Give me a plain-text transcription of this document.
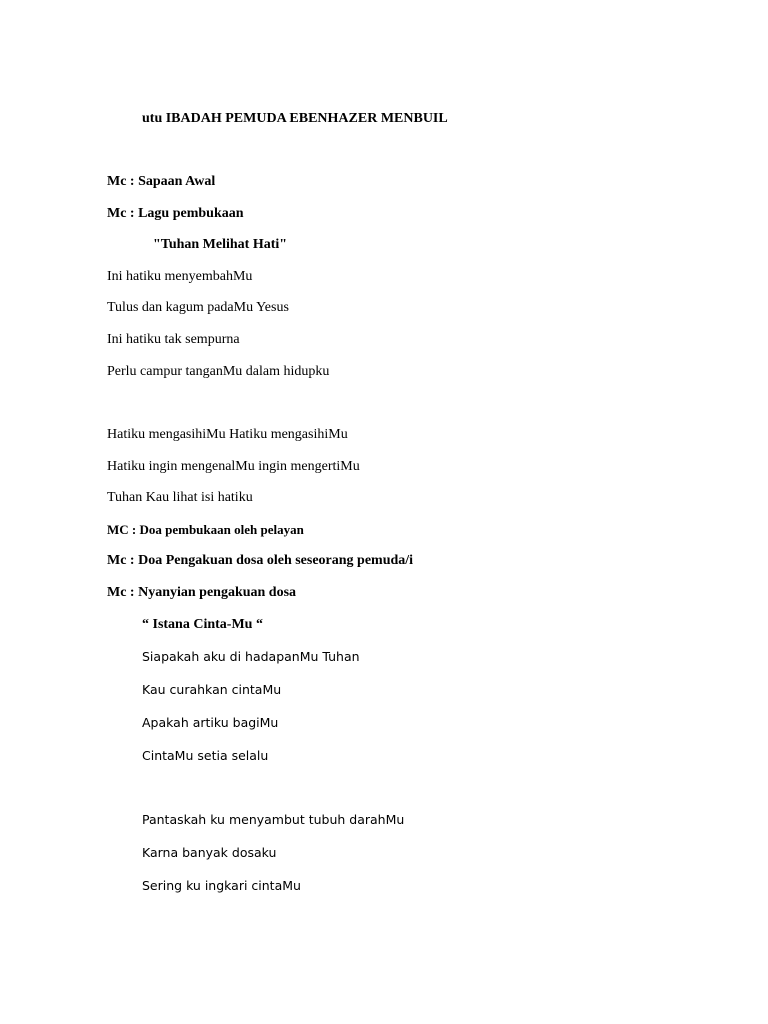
utu IBADAH PEMUDA EBENHAZER MENBUIL
Mc : Sapaan Awal
Mc : Lagu pembukaan
"Tuhan Melihat Hati"
Ini hatiku menyembahMu
Tulus dan kagum padaMu Yesus
Ini hatiku tak sempurna
Perlu campur tanganMu dalam hidupku
Hatiku mengasihiMu Hatiku mengasihiMu
Hatiku ingin mengenalMu ingin mengertiMu
Tuhan Kau lihat isi hatiku
MC : Doa pembukaan oleh pelayan
Mc : Doa Pengakuan dosa oleh seseorang pemuda/i
Mc : Nyanyian pengakuan dosa
“ Istana Cinta-Mu “
Siapakah aku di hadapanMu Tuhan
Kau curahkan cintaMu
Apakah artiku bagiMu
CintaMu setia selalu
Pantaskah ku menyambut tubuh darahMu
Karna banyak dosaku
Sering ku ingkari cintaMu
